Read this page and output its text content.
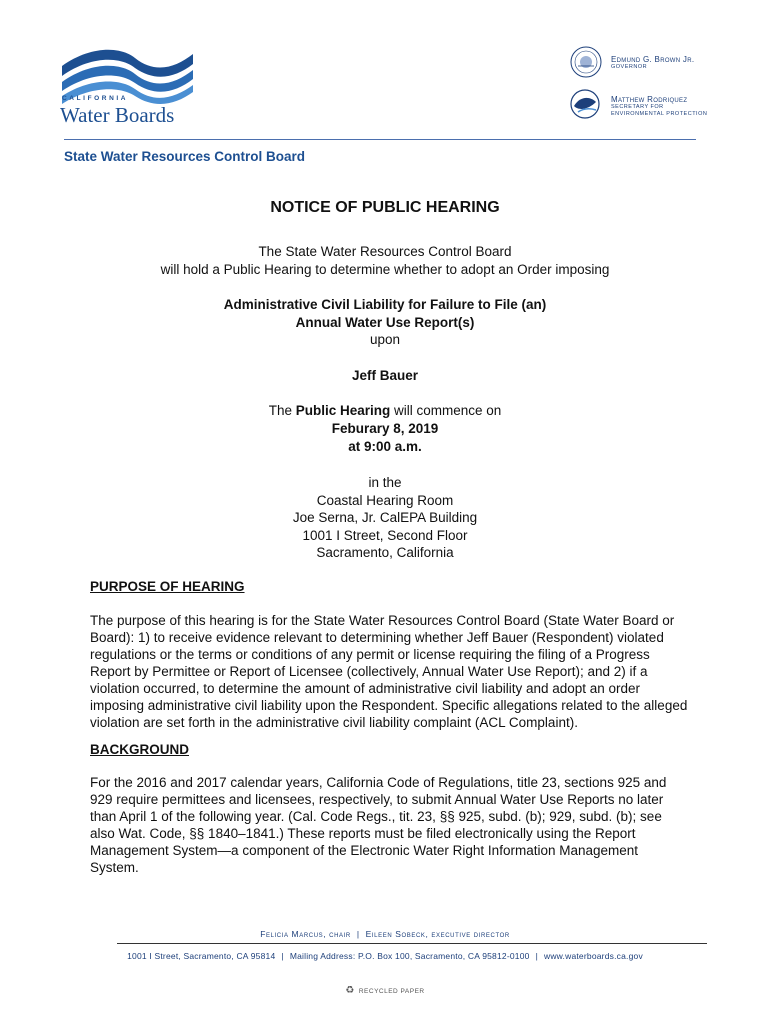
CALIFORNIA
Water Boards
Edmund G. Brown Jr.
GOVERNOR
Matthew Rodriquez
SECRETARY FOR
ENVIRONMENTAL PROTECTION
State Water Resources Control Board
NOTICE OF PUBLIC HEARING
The State Water Resources Control Board
will hold a Public Hearing to determine whether to adopt an Order imposing
Administrative Civil Liability for Failure to File (an)
Annual Water Use Report(s)
upon
Jeff Bauer
The Public Hearing will commence on
Feburary 8, 2019
at 9:00 a.m.
in the
Coastal Hearing Room
Joe Serna, Jr. CalEPA Building
1001 I Street, Second Floor
Sacramento, California
PURPOSE OF HEARING
The purpose of this hearing is for the State Water Resources Control Board (State Water Board or Board): 1) to receive evidence relevant to determining whether Jeff Bauer (Respondent) violated regulations or the terms or conditions of any permit or license requiring the filing of a Progress Report by Permittee or Report of Licensee (collectively, Annual Water Use Report); and 2) if a violation occurred, to determine the amount of administrative civil liability and adopt an order imposing administrative civil liability upon the Respondent. Specific allegations related to the alleged violation are set forth in the administrative civil liability complaint (ACL Complaint).
BACKGROUND
For the 2016 and 2017 calendar years, California Code of Regulations, title 23, sections 925 and 929 require permittees and licensees, respectively, to submit Annual Water Use Reports no later than April 1 of the following year. (Cal. Code Regs., tit. 23, §§ 925, subd. (b); 929, subd. (b); see also Wat. Code, §§ 1840–1841.) These reports must be filed electronically using the Report Management System—a component of the Electronic Water Right Information Management System.
Felicia Marcus, chair | Eileen Sobeck, executive director
1001 I Street, Sacramento, CA 95814 | Mailing Address: P.O. Box 100, Sacramento, CA 95812-0100 | www.waterboards.ca.gov
♻ RECYCLED PAPER
